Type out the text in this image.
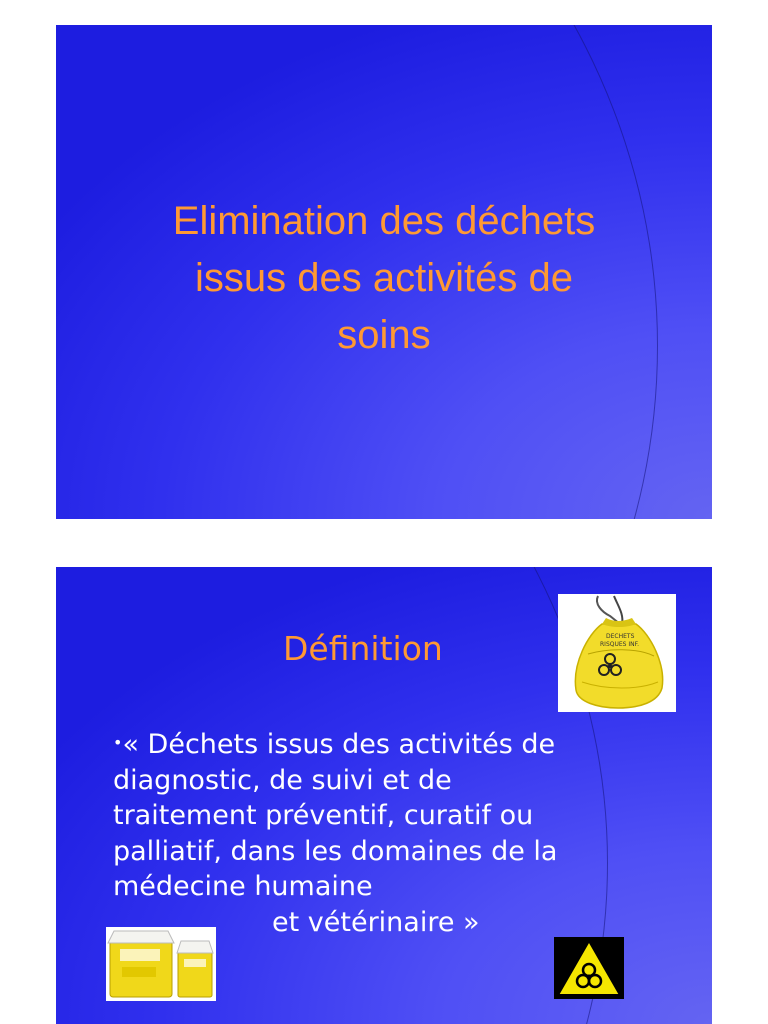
Elimination des déchets
issus des activités de
soins
Définition	DECHETS
RISQUES INF.
•« Déchets issus des activités de
diagnostic, de suivi et de
traitement préventif, curatif ou
palliatif, dans les domaines de la
médecine humaine
et vétérinaire »
